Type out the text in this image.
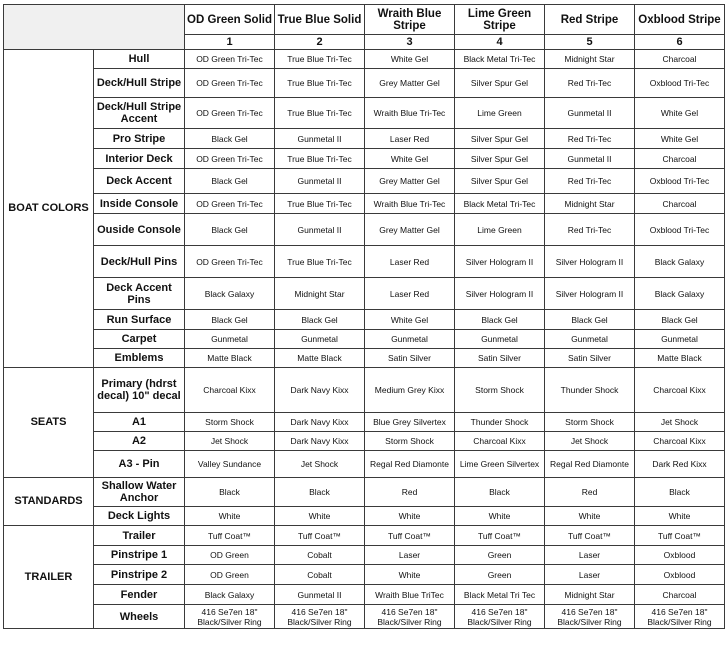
		OD Green Solid	True Blue Solid	Wraith Blue Stripe	Lime Green Stripe	Red Stripe	Oxblood Stripe
		1	2	3	4	5	6
BOAT COLORS	Hull	OD Green Tri-Tec	True Blue Tri-Tec	White Gel	Black Metal Tri-Tec	Midnight Star	Charcoal
	Deck/Hull Stripe	OD Green Tri-Tec	True Blue Tri-Tec	Grey Matter Gel	Silver Spur Gel	Red Tri-Tec	Oxblood Tri-Tec
	Deck/Hull Stripe Accent	OD Green Tri-Tec	True Blue Tri-Tec	Wraith Blue Tri-Tec	Lime Green	Gunmetal II	White Gel
	Pro Stripe	Black Gel	Gunmetal II	Laser Red	Silver Spur Gel	Red Tri-Tec	White Gel
	Interior Deck	OD Green Tri-Tec	True Blue Tri-Tec	White Gel	Silver Spur Gel	Gunmetal II	Charcoal
	Deck Accent	Black Gel	Gunmetal II	Grey Matter Gel	Silver Spur Gel	Red Tri-Tec	Oxblood Tri-Tec
	Inside Console	OD Green Tri-Tec	True Blue Tri-Tec	Wraith Blue Tri-Tec	Black Metal Tri-Tec	Midnight Star	Charcoal
	Ouside Console	Black Gel	Gunmetal II	Grey Matter Gel	Lime Green	Red Tri-Tec	Oxblood Tri-Tec
	Deck/Hull Pins	OD Green Tri-Tec	True Blue Tri-Tec	Laser Red	Silver Hologram II	Silver Hologram II	Black Galaxy
	Deck Accent Pins	Black Galaxy	Midnight Star	Laser Red	Silver Hologram II	Silver Hologram II	Black Galaxy
	Run Surface	Black Gel	Black Gel	White Gel	Black Gel	Black Gel	Black Gel
	Carpet	Gunmetal	Gunmetal	Gunmetal	Gunmetal	Gunmetal	Gunmetal
	Emblems	Matte Black	Matte Black	Satin Silver	Satin Silver	Satin Silver	Matte Black
SEATS	Primary (hdrst decal) 10" decal	Charcoal Kixx	Dark Navy Kixx	Medium Grey Kixx	Storm Shock	Thunder Shock	Charcoal Kixx
	A1	Storm Shock	Dark Navy Kixx	Blue Grey Silvertex	Thunder Shock	Storm Shock	Jet Shock
	A2	Jet Shock	Dark Navy Kixx	Storm Shock	Charcoal Kixx	Jet Shock	Charcoal Kixx
	A3 - Pin	Valley Sundance	Jet Shock	Regal Red Diamonte	Lime Green Silvertex	Regal Red Diamonte	Dark Red Kixx
STANDARDS	Shallow Water Anchor	Black	Black	Red	Black	Red	Black
	Deck Lights	White	White	White	White	White	White
TRAILER	Trailer	Tuff Coat™	Tuff Coat™	Tuff Coat™	Tuff Coat™	Tuff Coat™	Tuff Coat™
	Pinstripe 1	OD Green	Cobalt	Laser	Green	Laser	Oxblood
	Pinstripe 2	OD Green	Cobalt	White	Green	Laser	Oxblood
	Fender	Black Galaxy	Gunmetal II	Wraith Blue TriTec	Black Metal Tri Tec	Midnight Star	Charcoal
	Wheels	416 Se7en 18" Black/Silver Ring	416 Se7en 18" Black/Silver Ring	416 Se7en 18" Black/Silver Ring	416 Se7en 18" Black/Silver Ring	416 Se7en 18" Black/Silver Ring	416 Se7en 18" Black/Silver Ring
